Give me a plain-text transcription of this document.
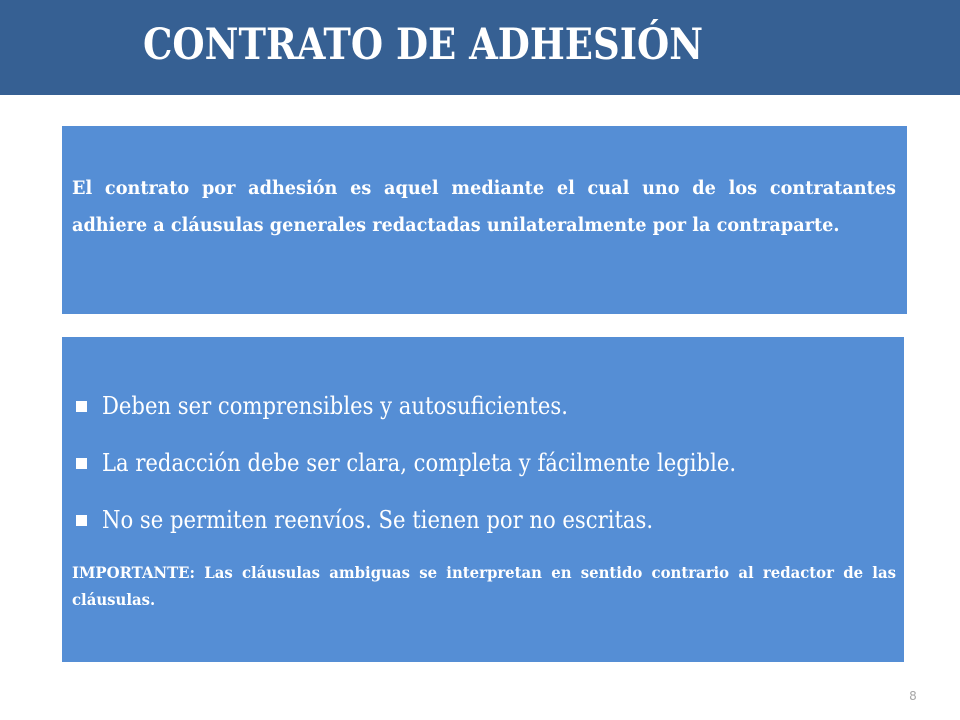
CONTRATO DE ADHESIÓN

El contrato por adhesión es aquel mediante el cual uno de los contratantes adhiere a cláusulas generales redactadas unilateralmente por la contraparte.

Deben ser comprensibles y autosuficientes.
La redacción debe ser clara, completa y fácilmente legible.
No se permiten reenvíos. Se tienen por no escritas.

IMPORTANTE: Las cláusulas ambiguas se interpretan en sentido contrario al redactor de las cláusulas.

8
